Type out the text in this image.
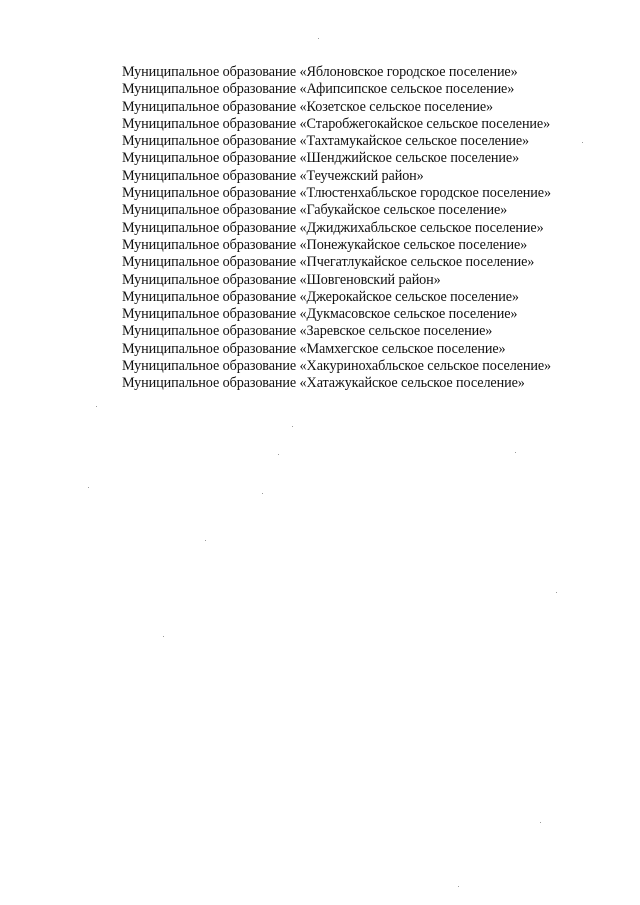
Муниципальное образование «Яблоновское городское поселение»
Муниципальное образование «Афипсипское сельское поселение»
Муниципальное образование «Козетское сельское поселение»
Муниципальное образование «Старобжегокайское сельское поселение»
Муниципальное образование «Тахтамукайское сельское поселение»
Муниципальное образование «Шенджийское сельское поселение»
Муниципальное образование «Теучежский район»
Муниципальное образование «Тлюстенхабльское городское поселение»
Муниципальное образование «Габукайское сельское поселение»
Муниципальное образование «Джиджихабльское сельское поселение»
Муниципальное образование «Понежукайское сельское поселение»
Муниципальное образование «Пчегатлукайское сельское поселение»
Муниципальное образование «Шовгеновский район»
Муниципальное образование «Джерокайское сельское поселение»
Муниципальное образование «Дукмасовское сельское поселение»
Муниципальное образование «Заревское сельское поселение»
Муниципальное образование «Мамхегское сельское поселение»
Муниципальное образование «Хакуринохабльское сельское поселение»
Муниципальное образование «Хатажукайское сельское поселение»
